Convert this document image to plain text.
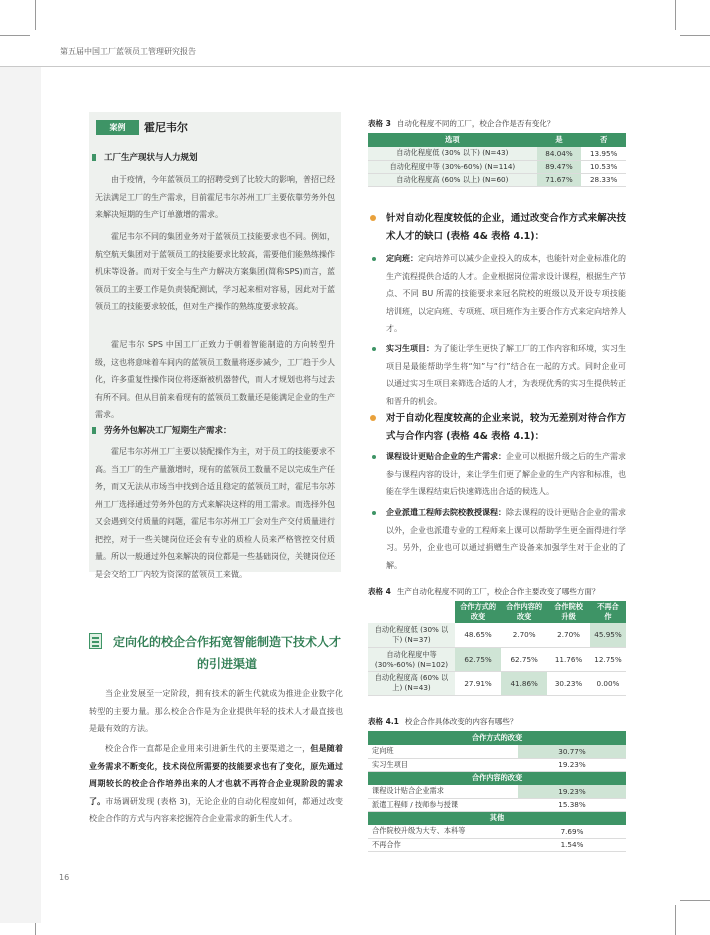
第五届中国工厂蓝领员工管理研究报告
16
案例	霍尼韦尔
工厂生产现状与人力规划
由于疫情，今年蓝领员工的招聘受到了比较大的影响，普招已经无法满足工厂的生产需求，目前霍尼韦尔苏州工厂主要依靠劳务外包来解决短期的生产订单激增的需求。
霍尼韦尔不同的集团业务对于蓝领员工技能要求也不同。例如，航空航天集团对于蓝领员工的技能要求比较高，需要他们能熟练操作机床等设备。而对于安全与生产力解决方案集团(简称SPS)而言，蓝领员工的主要工作是负责装配测试，学习起来相对容易，因此对于蓝领员工的技能要求较低，但对生产操作的熟练度要求较高。
霍尼韦尔 SPS 中国工厂正致力于朝着智能制造的方向转型升级，这也将意味着车间内的蓝领员工数量将逐步减少，工厂趋于少人化，许多重复性操作岗位将逐渐被机器替代，而人才规划也将与过去有所不同。但从目前来看现有的蓝领员工数量还是能满足企业的生产需求。
劳务外包解决工厂短期生产需求：
霍尼韦尔苏州工厂主要以装配操作为主，对于员工的技能要求不高。当工厂的生产量激增时，现有的蓝领员工数量不足以完成生产任务，而又无法从市场当中找到合适且稳定的蓝领员工时，霍尼韦尔苏州工厂选择通过劳务外包的方式来解决这样的用工需求。而选择外包又会遇到交付质量的问题，霍尼韦尔苏州工厂会对生产交付质量进行把控，对于一些关键岗位还会有专业的质检人员来严格管控交付质量。所以一般通过外包来解决的岗位都是一些基础岗位，关键岗位还是会交给工厂内较为资深的蓝领员工来做。
定向化的校企合作拓宽智能制造下技术人才的引进渠道
当企业发展至一定阶段，拥有技术的新生代就成为推进企业数字化转型的主要力量。那么校企合作是为企业提供年轻的技术人才最直接也是最有效的方法。
校企合作一直都是企业用来引进新生代的主要渠道之一，但是随着业务需求不断变化，技术岗位所需要的技能要求也有了变化，原先通过周期较长的校企合作培养出来的人才也就不再符合企业现阶段的需求了。市场调研发现 (表格 3)，无论企业的自动化程度如何，都通过改变校企合作的方式与内容来挖掘符合企业需求的新生代人才。
表格 3 自动化程度不同的工厂，校企合作是否有变化？
选项	是	否
自动化程度低 (30% 以下) (N=43)	84.04%	13.95%
自动化程度中等 (30%-60%) (N=114)	89.47%	10.53%
自动化程度高 (60% 以上) (N=60)	71.67%	28.33%
针对自动化程度较低的企业，通过改变合作方式来解决技术人才的缺口 (表格 4& 表格 4.1)：
定向班：定向培养可以减少企业投入的成本，也能针对企业标准化的生产流程提供合适的人才。企业根据岗位需求设计课程，根据生产节点、不同 BU 所需的技能要求来冠名院校的班级以及开设专项技能培训班，以定向班、专项班、项目班作为主要合作方式来定向培养人才。
实习生项目：为了能让学生更快了解工厂的工作内容和环境，实习生项目是最能帮助学生将“知”与“行”结合在一起的方式。同时企业可以通过实习生项目来筛选合适的人才，为表现优秀的实习生提供转正和晋升的机会。
对于自动化程度较高的企业来说，较为无差别对待合作方式与合作内容 (表格 4& 表格 4.1)：
课程设计更贴合企业的生产需求：企业可以根据升级之后的生产需求参与课程内容的设计，来让学生们更了解企业的生产内容和标准，也能在学生课程结束后快速筛选出合适的候选人。
企业派遣工程师去院校教授课程：除去课程的设计更贴合企业的需求以外，企业也派遣专业的工程师来上课可以帮助学生更全面得进行学习。另外，企业也可以通过捐赠生产设备来加强学生对于企业的了解。
表格 4 生产自动化程度不同的工厂，校企合作主要改变了哪些方面？
	合作方式的改变	合作内容的改变	合作院校升级	不再合作
自动化程度低 (30% 以下) (N=37)	48.65%	2.70%	2.70%	45.95%
自动化程度中等(30%-60%) (N=102)	62.75%	62.75%	11.76%	12.75%
自动化程度高 (60% 以上) (N=43)	27.91%	41.86%	30.23%	0.00%
表格 4.1 校企合作具体改变的内容有哪些？
合作方式的改变	
定向班	30.77%
实习生项目	19.23%
合作内容的改变	
课程设计贴合企业需求	19.23%
派遣工程师 / 技师参与授课	15.38%
其他	
合作院校升级为大专、本科等	7.69%
不再合作	1.54%
